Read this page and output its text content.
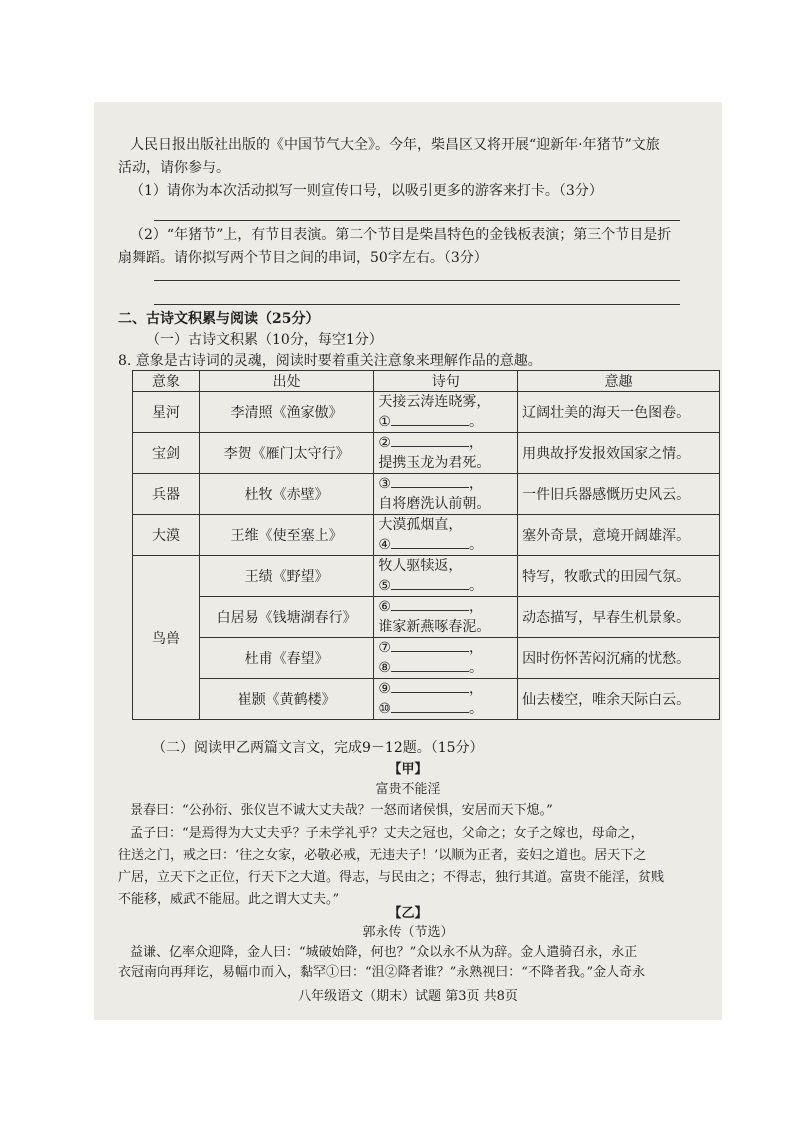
人民日报出版社出版的《中国节气大全》。今年，柴昌区又将开展“迎新年·年猪节”文旅
活动，请你参与。
（1）请你为本次活动拟写一则宣传口号，以吸引更多的游客来打卡。（3分）
（2）“年猪节”上，有节目表演。第二个节目是柴昌特色的金钱板表演；第三个节目是折
扇舞蹈。请你拟写两个节目之间的串词，50字左右。（3分）
二、古诗文积累与阅读（25分）
（一）古诗文积累（10分，每空1分）
8. 意象是古诗词的灵魂，阅读时要着重关注意象来理解作品的意趣。
意象	出处	诗句	意趣
星河	李清照《渔家傲》	天接云涛连晓雾，
① 。	辽阔壮美的海天一色图卷。
宝剑	李贺《雁门太守行》	② ，
提携玉龙为君死。	用典故抒发报效国家之情。
兵器	杜牧《赤壁》	③ ，
自将磨洗认前朝。	一件旧兵器感慨历史风云。
大漠	王维《使至塞上》	大漠孤烟直，
④ 。	塞外奇景，意境开阔雄浑。
鸟兽	王绩《野望》	牧人驱犊返，
⑤ 。	特写，牧歌式的田园气氛。
	白居易《钱塘湖春行》	⑥ ，
谁家新燕啄春泥。	动态描写，早春生机景象。
	杜甫《春望》	⑦ ，
⑧ 。	因时伤怀苦闷沉痛的忧愁。
	崔颢《黄鹤楼》	⑨ ，
⑩ 。	仙去楼空，唯余天际白云。
（二）阅读甲乙两篇文言文，完成9－12题。（15分）
【甲】
富贵不能淫
景春曰：“公孙衍、张仪岂不诚大丈夫哉？一怒而诸侯惧，安居而天下熄。”
孟子曰：“是焉得为大丈夫乎？子未学礼乎？丈夫之冠也，父命之；女子之嫁也，母命之，
往送之门，戒之曰：‘往之女家，必敬必戒，无违夫子！’以顺为正者，妾妇之道也。居天下之
广居，立天下之正位，行天下之大道。得志，与民由之；不得志，独行其道。富贵不能淫，贫贱
不能移，威武不能屈。此之谓大丈夫。”
【乙】
郭永传（节选）
益谦、亿率众迎降，金人曰：“城破始降，何也？”众以永不从为辞。金人遣骑召永，永正
衣冠南向再拜讫，易幅巾而入，黏罕①曰：“沮②降者谁？”永熟视曰：“不降者我。”金人奇永
八年级语文（期末）试题 第3页 共8页
